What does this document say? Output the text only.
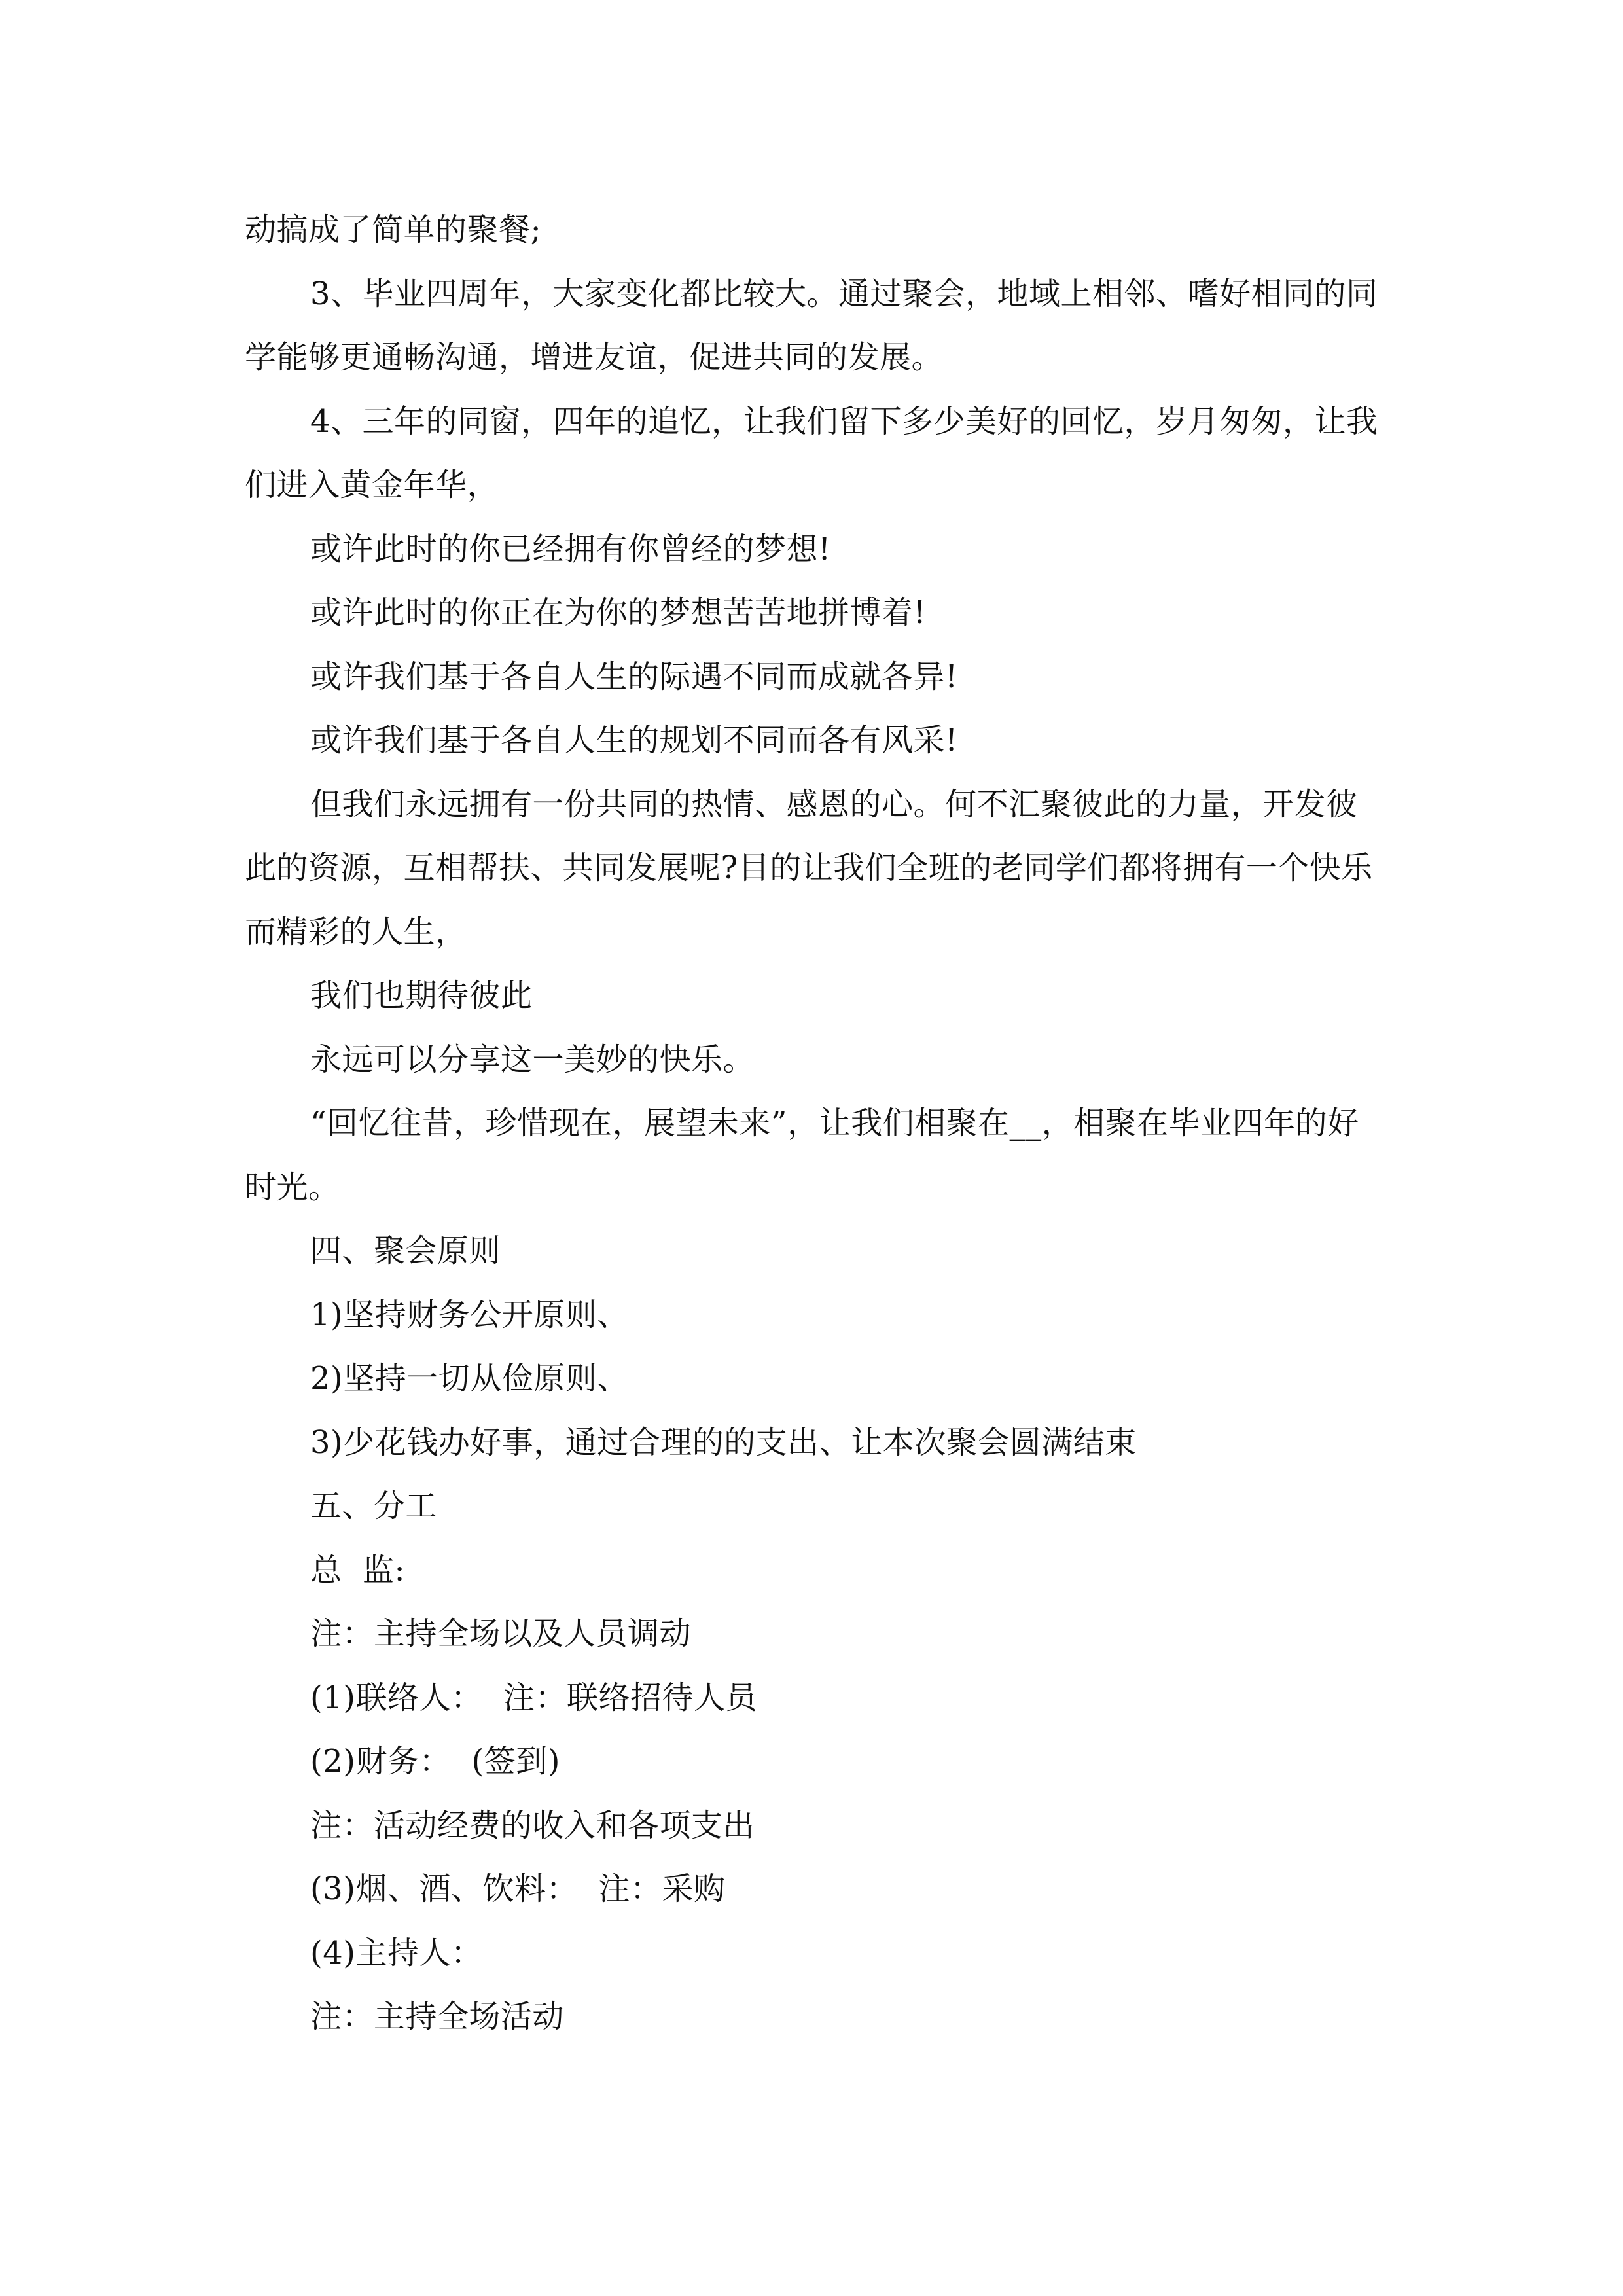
动搞成了简单的聚餐;

3、毕业四周年，大家变化都比较大。通过聚会，地域上相邻、嗜好相同的同学能够更通畅沟通，增进友谊，促进共同的发展。

4、三年的同窗，四年的追忆，让我们留下多少美好的回忆，岁月匆匆，让我们进入黄金年华，

或许此时的你已经拥有你曾经的梦想!

或许此时的你正在为你的梦想苦苦地拼博着!

或许我们基于各自人生的际遇不同而成就各异!

或许我们基于各自人生的规划不同而各有风采!

但我们永远拥有一份共同的热情、感恩的心。何不汇聚彼此的力量，开发彼此的资源，互相帮扶、共同发展呢?目的让我们全班的老同学们都将拥有一个快乐而精彩的人生，

我们也期待彼此

永远可以分享这一美妙的快乐。

“回忆往昔，珍惜现在，展望未来”，让我们相聚在__，相聚在毕业四年的好时光。

四、聚会原则

1)坚持财务公开原则、

2)坚持一切从俭原则、

3)少花钱办好事，通过合理的的支出、让本次聚会圆满结束

五、分工

总  监:

注：主持全场以及人员调动

(1)联络人：  注：联络招待人员

(2)财务：  (签到)

注：活动经费的收入和各项支出

(3)烟、酒、饮料：  注：采购

(4)主持人：

注：主持全场活动
